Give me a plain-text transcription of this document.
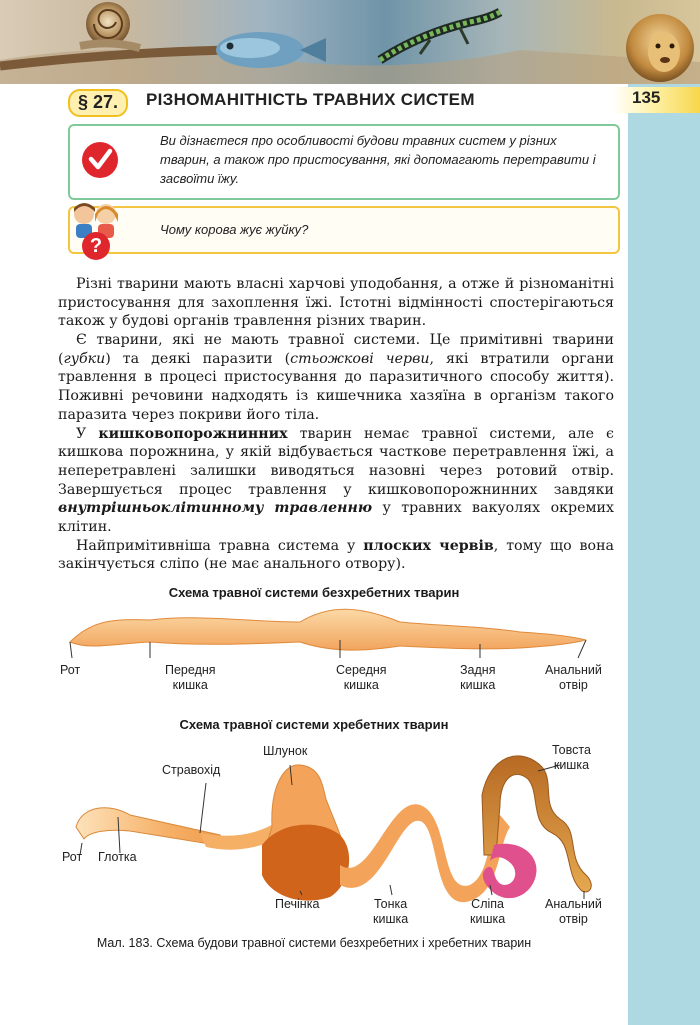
135
§ 27.	РІЗНОМАНІТНІСТЬ ТРАВНИХ СИСТЕМ
Ви дізнаєтеся про особливості будови травних систем у різних тварин, а також про пристосування, які допомагають перетравити і засвоїти їжу.
Чому корова жує жуйку?
?

Різні тварини мають власні харчові уподобання, а отже й різноманітні пристосування для захоплення їжі. Істотні відмінності спостерігаються також у будові органів травлення різних тварин.

Є тварини, які не мають травної системи. Це примітивні тварини (губки) та деякі паразити (стьожкові черви, які втратили органи травлення в процесі пристосування до паразитичного способу життя). Поживні речовини надходять із кишечника хазяїна в організм такого паразита через покриви його тіла.

У кишковопорожнинних тварин немає травної системи, але є кишкова порожнина, у якій відбувається часткове перетравлення їжі, а неперетравлені залишки виводяться назовні через ротовий отвір. Завершується процес травлення у кишковопорожнинних завдяки внутрішньоклітинному травленню у травних вакуолях окремих клітин.

Найпримітивніша травна система у плоских червів, тому що вона закінчується сліпо (не має анального отвору).

Схема травної системи безхребетних тварин
Рот	Передня
кишка
Середня
кишка
Задня
кишка
Анальний
отвір
Схема травної системи хребетних тварин
Шлунок
Стравохід
Товста
кишка
Рот Глотка
Печінка	Тонка
кишка
Сліпа
кишка
Анальний
отвір
Мал. 183. Схема будови травної системи безхребетних і хребетних тварин
